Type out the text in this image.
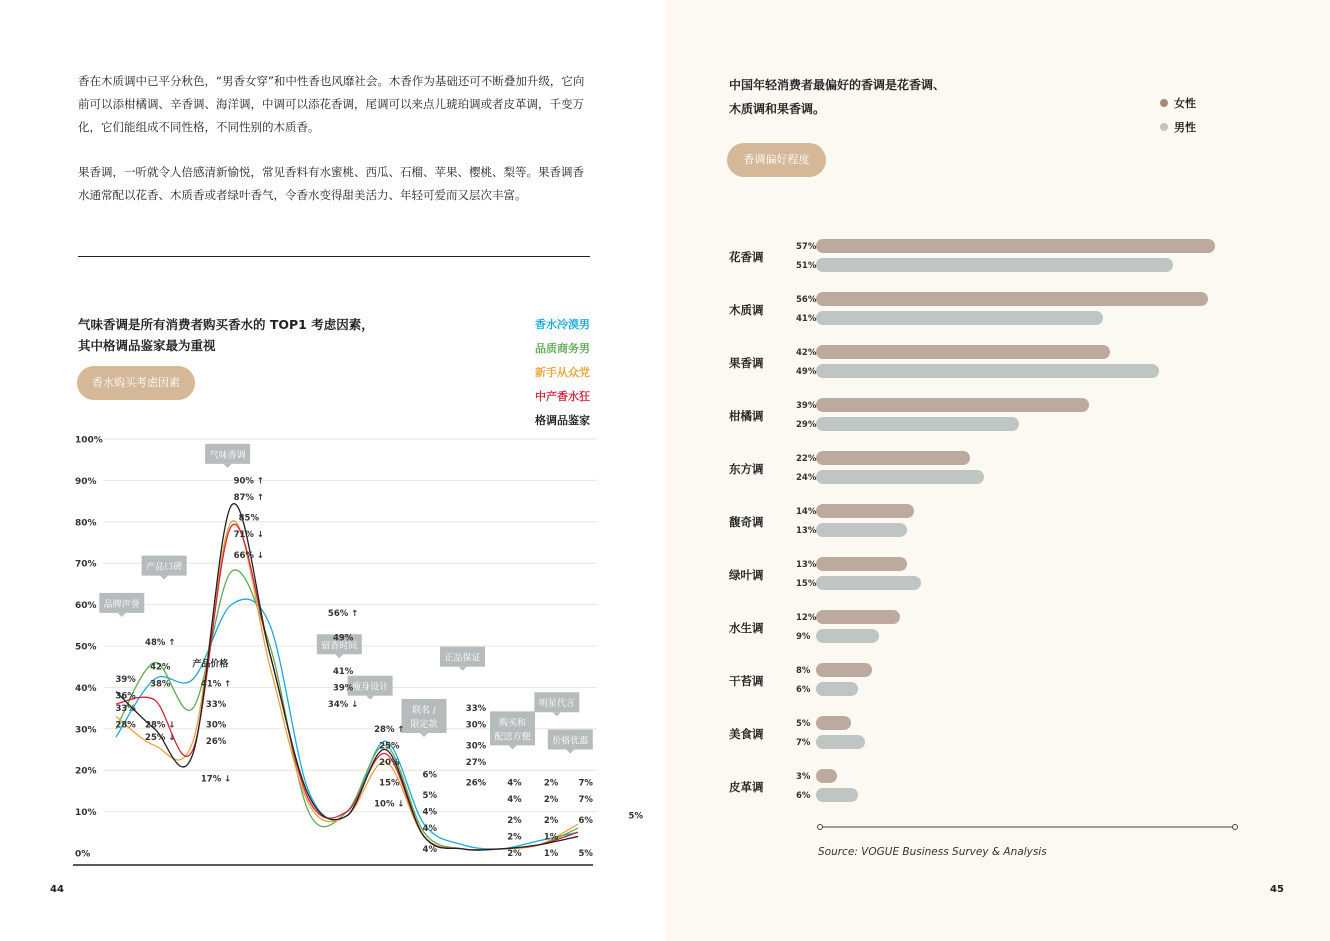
香在木质调中已平分秋色，“男香女穿”和中性香也风靡社会。木香作为基础还可不断叠加升级，它向前可以添柑橘调、辛香调、海洋调，中调可以添花香调，尾调可以来点儿琥珀调或者皮革调，千变万化，它们能组成不同性格，不同性别的木质香。

果香调，一听就令人倍感清新愉悦，常见香料有水蜜桃、西瓜、石榴、苹果、樱桃、梨等。果香调香水通常配以花香、木质香或者绿叶香气，令香水变得甜美活力、年轻可爱而又层次丰富。

气味香调是所有消费者购买香水的 TOP1 考虑因素，
其中格调品鉴家最为重视
香水购买考虑因素
香水冷漠男
品质商务男
新手从众党
中产香水狂
格调品鉴家
0%
10%
20%
30%
40%
50%
60%
70%
80%
90%
100%
品牌声誉
产品口碑
气味香调
留香时间
瘦身设计
联名 /
限定款
正品保证
购买和
配送方便
明星代言
价格优惠
产品价格
39%
36%
33%
28%
48% ↑
42%
38%
28% ↓
25% ↓
41% ↑
33%
30%
26%
17% ↓
90% ↑
87% ↑
85%
71% ↓
66% ↓
56% ↑
49%
41%
39%
34% ↓
28% ↑
25%
20%
15%
10% ↓
6%
5%
4%
4%
4%
33%
30%
30%
27%
26% 4%
4%
2%
2%
2%
2%
2%
2%
1%
1%
7%
7%
6%
5%
5%
44
中国年轻消费者最偏好的香调是花香调、
木质调和果香调。	女性
男性
香调偏好程度
花香调
57%
51%
木质调
56%
41%
果香调
42%
49%
柑橘调
39%
29%
东方调
22%
24%
馥奇调
14%
13%
绿叶调
13%
15%
水生调
12%
9%
干苔调
8%
6%
美食调
5%
7%
皮革调
3%
6%
Source: VOGUE Business Survey & Analysis
45
